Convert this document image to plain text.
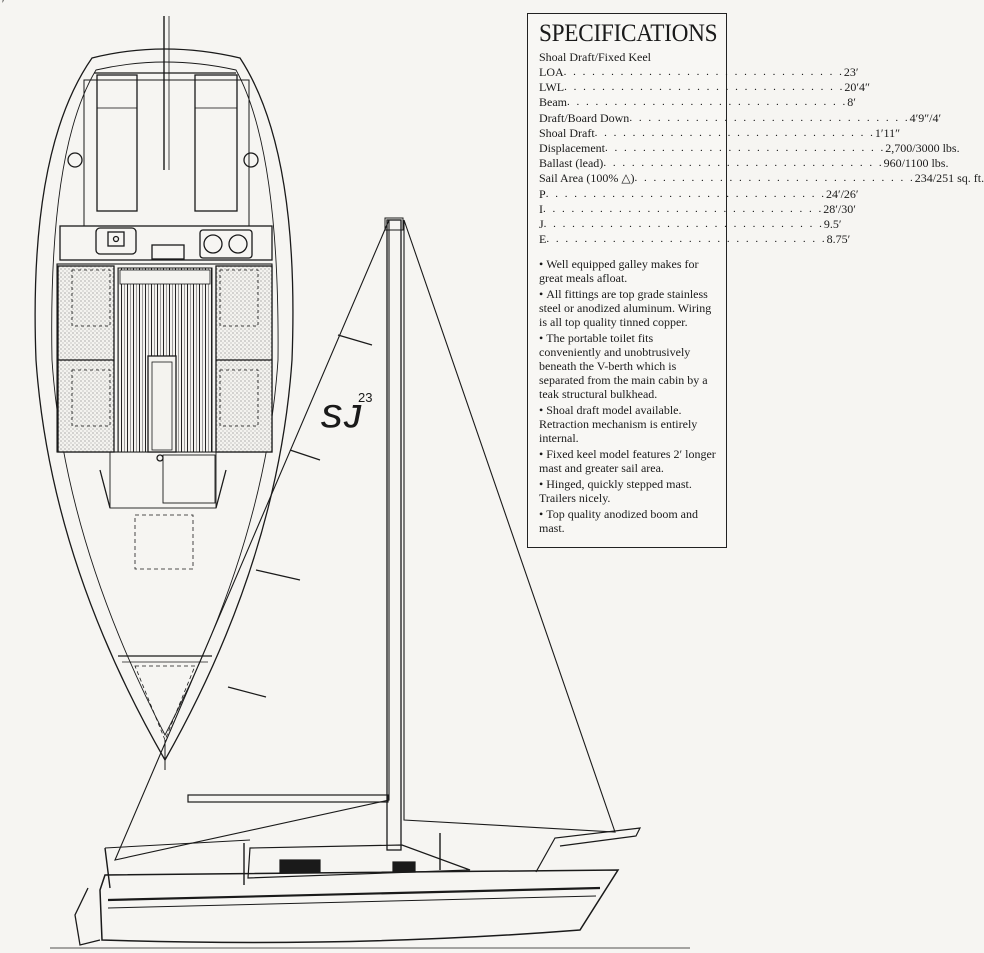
′
SJ
23
SPECIFICATIONS
Shoal Draft/Fixed Keel
LOA . . . . . . . . . . . . . . . . . . . . . . . . . . . . . . 23′
LWL . . . . . . . . . . . . . . . . . . . . . . . . . . . . . . 20′4″
Beam . . . . . . . . . . . . . . . . . . . . . . . . . . . . . . 8′
Draft/Board Down . . . . . . . . . . . . . . . . . . . . . . . . . . . . . . 4′9″/4′
Shoal Draft . . . . . . . . . . . . . . . . . . . . . . . . . . . . . . 1′11″
Displacement . . . . . . . . . . . . . . . . . . . . . . . . . . . . . . 2,700/3000 lbs.
Ballast (lead) . . . . . . . . . . . . . . . . . . . . . . . . . . . . . . 960/1100 lbs.
Sail Area (100% △) . . . . . . . . . . . . . . . . . . . . . . . . . . . . . . 234/251 sq. ft.
P . . . . . . . . . . . . . . . . . . . . . . . . . . . . . . 24′/26′
I . . . . . . . . . . . . . . . . . . . . . . . . . . . . . . 28′/30′
J . . . . . . . . . . . . . . . . . . . . . . . . . . . . . . 9.5′
E . . . . . . . . . . . . . . . . . . . . . . . . . . . . . . 8.75′
• Well equipped galley makes for great meals afloat.
• All fittings are top grade stainless steel or anodized aluminum. Wiring is all top quality tinned copper.
• The portable toilet fits conveniently and unobtrusively beneath the V-berth which is separated from the main cabin by a teak structural bulkhead.
• Shoal draft model available. Retraction mechanism is entirely internal.
• Fixed keel model features 2′ longer mast and greater sail area.
• Hinged, quickly stepped mast. Trailers nicely.
• Top quality anodized boom and mast.
